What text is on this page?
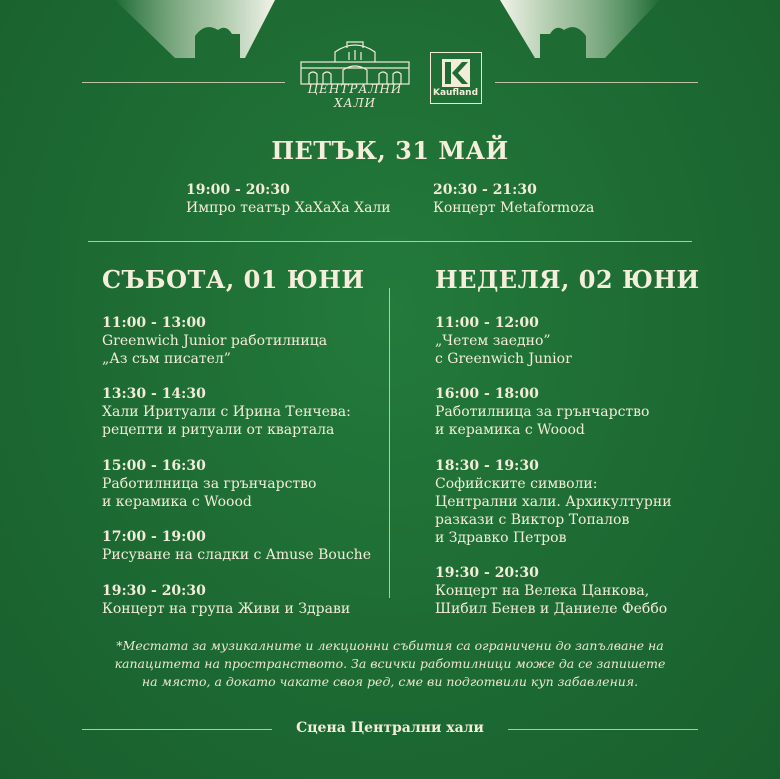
ЦЕНТРАЛНИ ХАЛИ
Kaufland
ПЕТЪК, 31 МАЙ
19:00 - 20:30
Импро театър ХаХаХа Хали
20:30 - 21:30
Концерт Metaformoza
СЪБОТА, 01 ЮНИ
11:00 - 13:00
Greenwich Junior работилница
„Аз съм писател”
13:30 - 14:30
Хали Иритуали с Ирина Тенчева:
рецепти и ритуали от квартала
15:00 - 16:30
Работилница за грънчарство
и керамика с Woood
17:00 - 19:00
Рисуване на сладки с Amuse Bouche
19:30 - 20:30
Концерт на група Живи и Здрави
НЕДЕЛЯ, 02 ЮНИ
11:00 - 12:00
„Четем заедно”
с Greenwich Junior
16:00 - 18:00
Работилница за грънчарство
и керамика с Woood
18:30 - 19:30
Софийските символи:
Централни хали. Архикултурни
разкази с Виктор Топалов
и Здравко Петров
19:30 - 20:30
Концерт на Велека Цанкова,
Шибил Бенев и Даниеле Феббо
*Местата за музикалните и лекционни събития са ограничени до запълване на
капацитета на пространството. За всички работилници може да се запишете
на място, а докато чакате своя ред, сме ви подготвили куп забавления.
Сцена Централни хали
